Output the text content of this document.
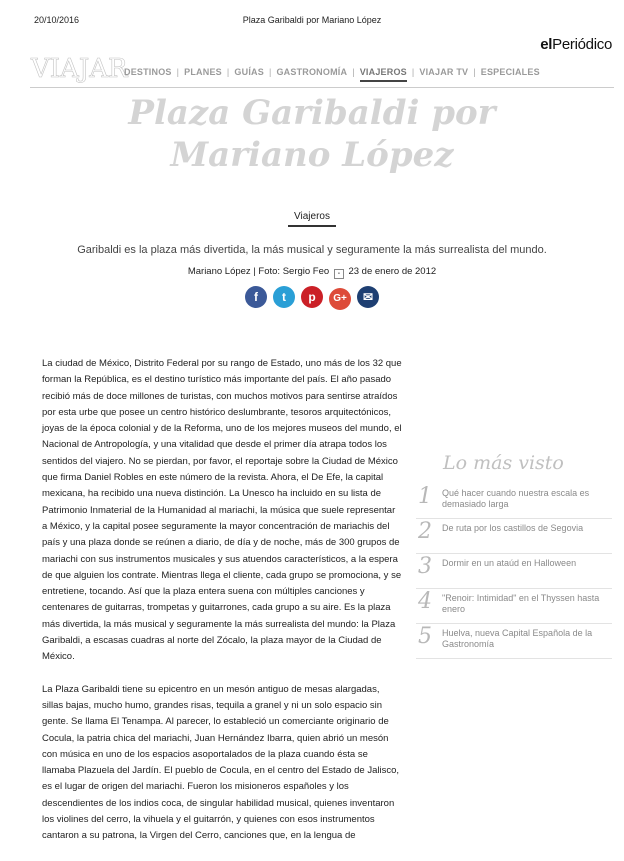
20/10/2016	Plaza Garibaldi por Mariano López
elPeriódico
VIAJAR
DESTINOS | PLANES | GUÍAS | GASTRONOMÍA | VIAJEROS | VIAJAR TV | ESPECIALES
Plaza Garibaldi por Mariano López
Viajeros
Garibaldi es la plaza más divertida, la más musical y seguramente la más surrealista del mundo.
Mariano López | Foto: Sergio Feo ▪ 23 de enero de 2012
f t p G+ ✉

La ciudad de México, Distrito Federal por su rango de Estado, uno más de los 32 que forman la República, es el destino turístico más importante del país. El año pasado recibió más de doce millones de turistas, con muchos motivos para sentirse atraídos por esta urbe que posee un centro histórico deslumbrante, tesoros arquitectónicos, joyas de la época colonial y de la Reforma, uno de los mejores museos del mundo, el Nacional de Antropología, y una vitalidad que desde el primer día atrapa todos los sentidos del viajero. No se pierdan, por favor, el reportaje sobre la Ciudad de México que firma Daniel Robles en este número de la revista. Ahora, el De Efe, la capital mexicana, ha recibido una nueva distinción. La Unesco ha incluido en su lista de Patrimonio Inmaterial de la Humanidad al mariachi, la música que suele representar a México, y la capital posee seguramente la mayor concentración de mariachis del país y una plaza donde se reúnen a diario, de día y de noche, más de 300 grupos de mariachi con sus instrumentos musicales y sus atuendos característicos, a la espera de que alguien los contrate. Mientras llega el cliente, cada grupo se promociona, y se entretiene, tocando. Así que la plaza entera suena con múltiples canciones y centenares de guitarras, trompetas y guitarrones, cada grupo a su aire. Es la plaza más divertida, la más musical y seguramente la más surrealista del mundo: la Plaza Garibaldi, a escasas cuadras al norte del Zócalo, la plaza mayor de la Ciudad de México.

La Plaza Garibaldi tiene su epicentro en un mesón antiguo de mesas alargadas, sillas bajas, mucho humo, grandes risas, tequila a granel y ni un solo espacio sin gente. Se llama El Tenampa. Al parecer, lo estableció un comerciante originario de Cocula, la patria chica del mariachi, Juan Hernández Ibarra, quien abrió un mesón con música en uno de los espacios asoportalados de la plaza cuando ésta se llamaba Plazuela del Jardín. El pueblo de Cocula, en el centro del Estado de Jalisco, es el lugar de origen del mariachi. Fueron los misioneros españoles y los descendientes de los indios coca, de singular habilidad musical, quienes inventaron los violines del cerro, la vihuela y el guitarrón, y quienes con esos instrumentos cantaron a su patrona, la Virgen del Cerro, canciones que, en la lengua de

Lo más visto
1 Qué hacer cuando nuestra escala es demasiado larga
2 De ruta por los castillos de Segovia
3 Dormir en un ataúd en Halloween
4 "Renoir: Intimidad" en el Thyssen hasta enero
5 Huelva, nueva Capital Española de la Gastronomía
